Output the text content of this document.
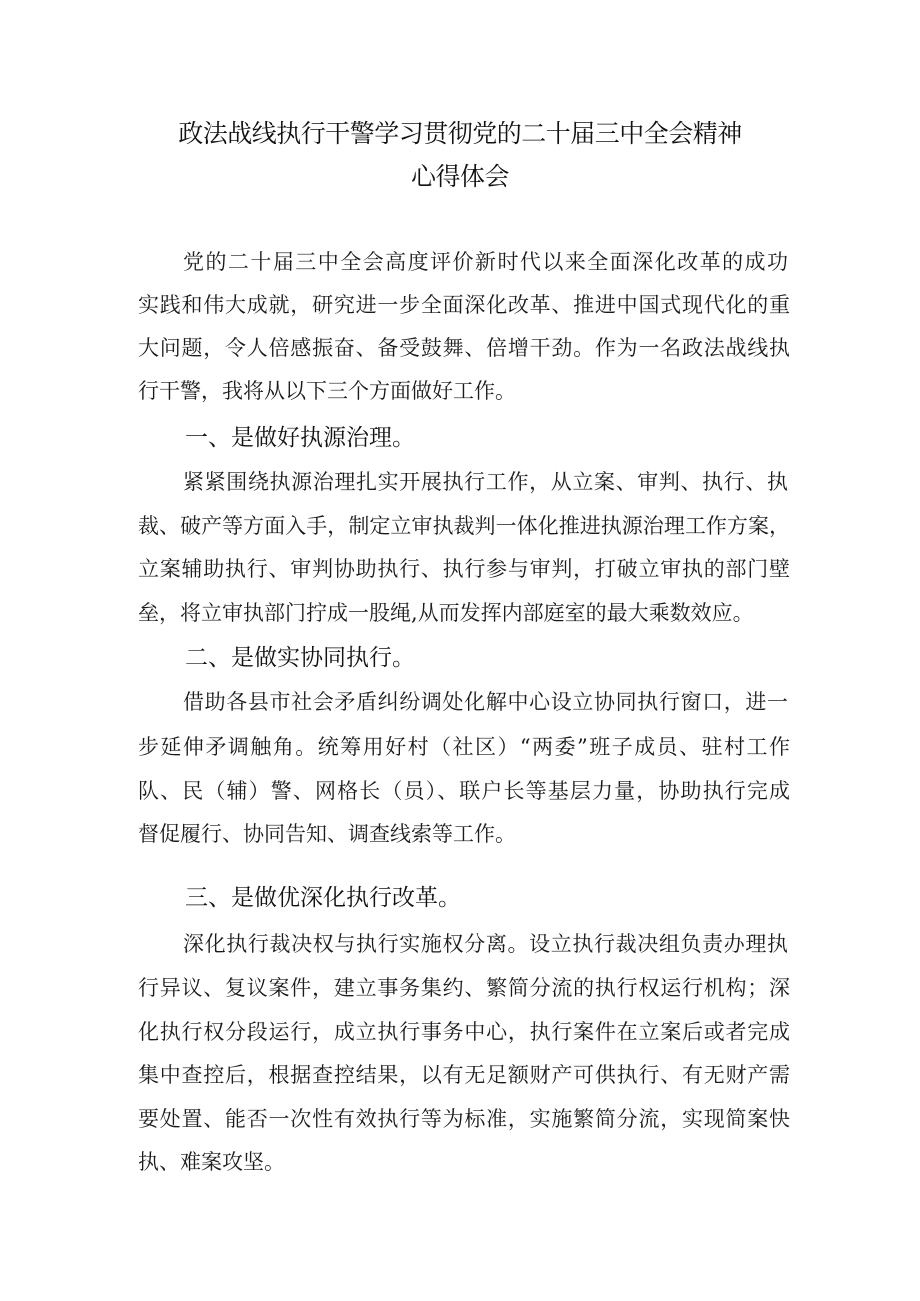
政法战线执行干警学习贯彻党的二十届三中全会精神
心得体会
党的二十届三中全会高度评价新时代以来全面深化改革的成功
实践和伟大成就，研究进一步全面深化改革、推进中国式现代化的重
大问题，令人倍感振奋、备受鼓舞、倍增干劲。作为一名政法战线执
行干警，我将从以下三个方面做好工作。
一、是做好执源治理。
紧紧围绕执源治理扎实开展执行工作，从立案、审判、执行、执
裁、破产等方面入手，制定立审执裁判一体化推进执源治理工作方案，
立案辅助执行、审判协助执行、执行参与审判，打破立审执的部门壁
垒，将立审执部门拧成一股绳,从而发挥内部庭室的最大乘数效应。
二、是做实协同执行。
借助各县市社会矛盾纠纷调处化解中心设立协同执行窗口，进一
步延伸矛调触角。统筹用好村（社区）“两委”班子成员、驻村工作
队、民（辅）警、网格长（员）、联户长等基层力量，协助执行完成
督促履行、协同告知、调查线索等工作。
三、是做优深化执行改革。
深化执行裁决权与执行实施权分离。设立执行裁决组负责办理执
行异议、复议案件，建立事务集约、繁简分流的执行权运行机构；深
化执行权分段运行，成立执行事务中心，执行案件在立案后或者完成
集中查控后，根据查控结果，以有无足额财产可供执行、有无财产需
要处置、能否一次性有效执行等为标准，实施繁简分流，实现简案快
执、难案攻坚。
